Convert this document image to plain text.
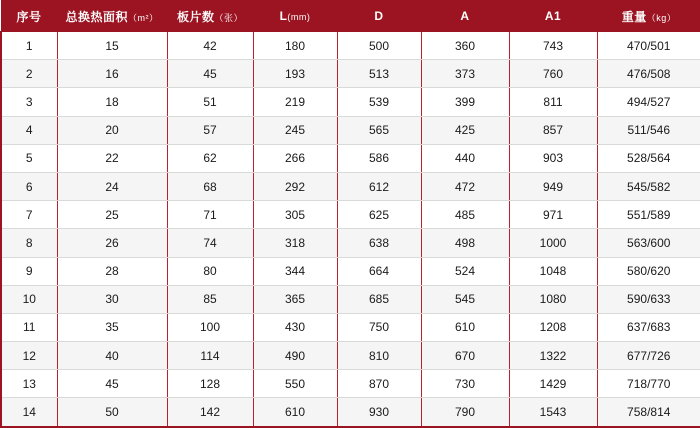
序号	总换热面积（m²）	板片数（张）	L(mm)	D	A	A1	重量（kg）
1	15	42	180	500	360	743	470/501
2	16	45	193	513	373	760	476/508
3	18	51	219	539	399	811	494/527
4	20	57	245	565	425	857	511/546
5	22	62	266	586	440	903	528/564
6	24	68	292	612	472	949	545/582
7	25	71	305	625	485	971	551/589
8	26	74	318	638	498	1000	563/600
9	28	80	344	664	524	1048	580/620
10	30	85	365	685	545	1080	590/633
11	35	100	430	750	610	1208	637/683
12	40	114	490	810	670	1322	677/726
13	45	128	550	870	730	1429	718/770
14	50	142	610	930	790	1543	758/814
